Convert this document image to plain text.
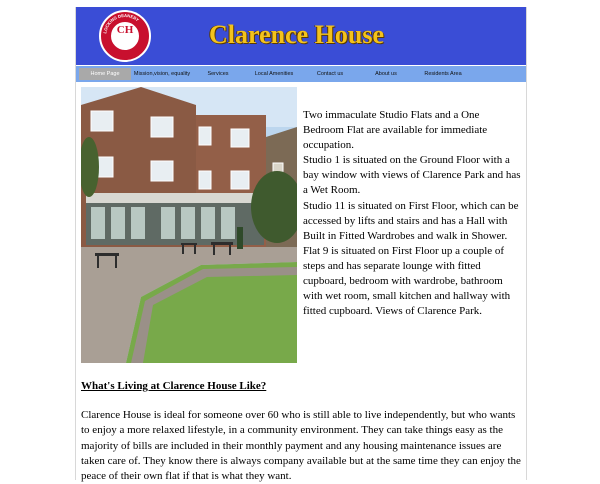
LOCKING DEANERY
CH	Clarence House
Home Page	Mission,vision, equality	Services	Local Amenities	Contact us	About us	Residents Area

Two immaculate Studio Flats and a One Bedroom Flat are available for immediate occupation.

Studio 1 is situated on the Ground Floor with a bay window with views of Clarence Park and has a Wet Room.

Studio 11 is situated on First Floor, which can be accessed by lifts and stairs and has a Hall with Built in Fitted Wardrobes and walk in Shower.

Flat 9 is situated on First Floor up a couple of steps and has separate lounge with fitted cupboard, bedroom with wardrobe, bathroom with wet room, small kitchen and hallway with fitted cupboard. Views of Clarence Park.

What's Living at Clarence House Like?
Clarence House is ideal for someone over 60 who is still able to live independently, but who wants to enjoy a more relaxed lifestyle, in a community environment. They can take things easy as the majority of bills are included in their monthly payment and any housing maintenance issues are taken care of. They know there is always company available but at the same time they can enjoy the peace of their own flat if that is what they want.
